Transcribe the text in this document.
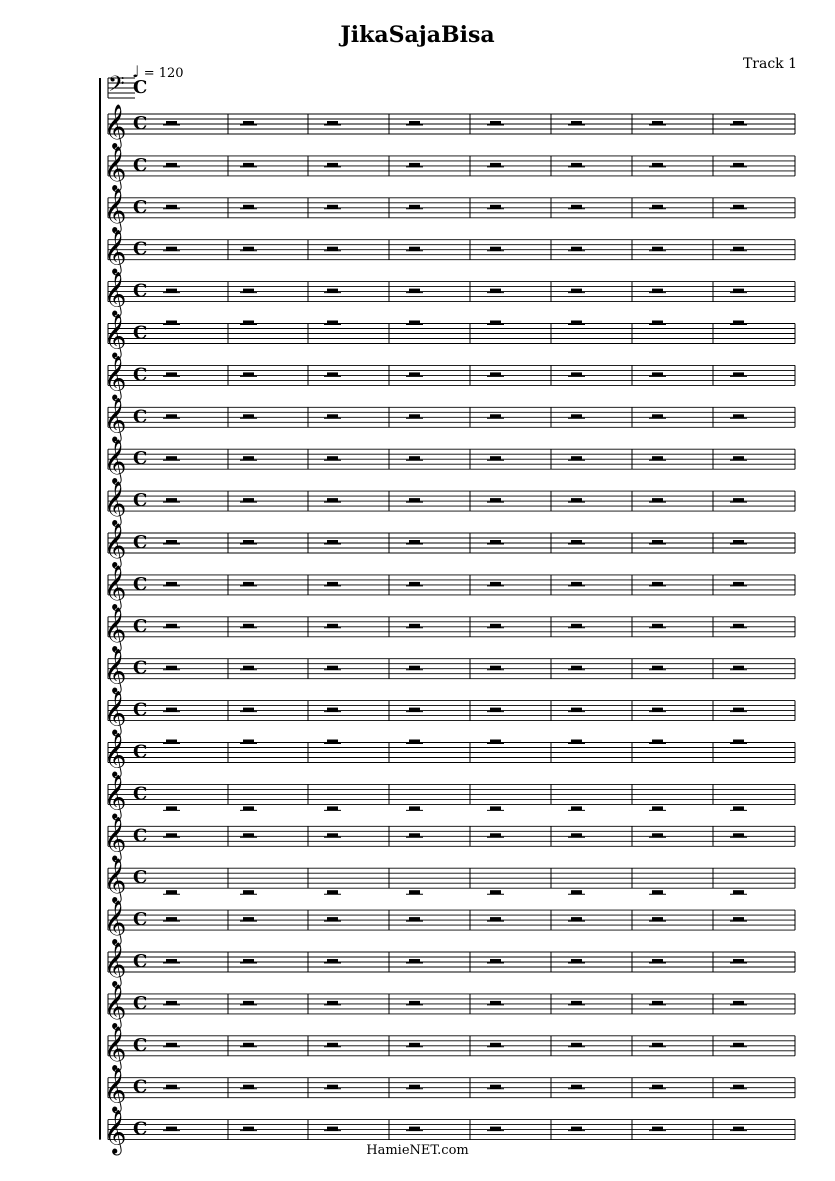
JikaSajaBisa
Track 1
𝄢 C
𝄞 C
𝄞 C
𝄞 C
𝄞 C
𝄞 C
𝄞 C
𝄞 C
𝄞 C
𝄞 C
𝄞 C
𝄞 C
𝄞 C
𝄞 C
𝄞 C
𝄞 C
𝄞 C
𝄞 C
𝄞 C
𝄞 C
𝄞 C
𝄞 C
𝄞 C
𝄞 C
𝄞 C
𝄞 C
♩ = 120
HamieNET.com
